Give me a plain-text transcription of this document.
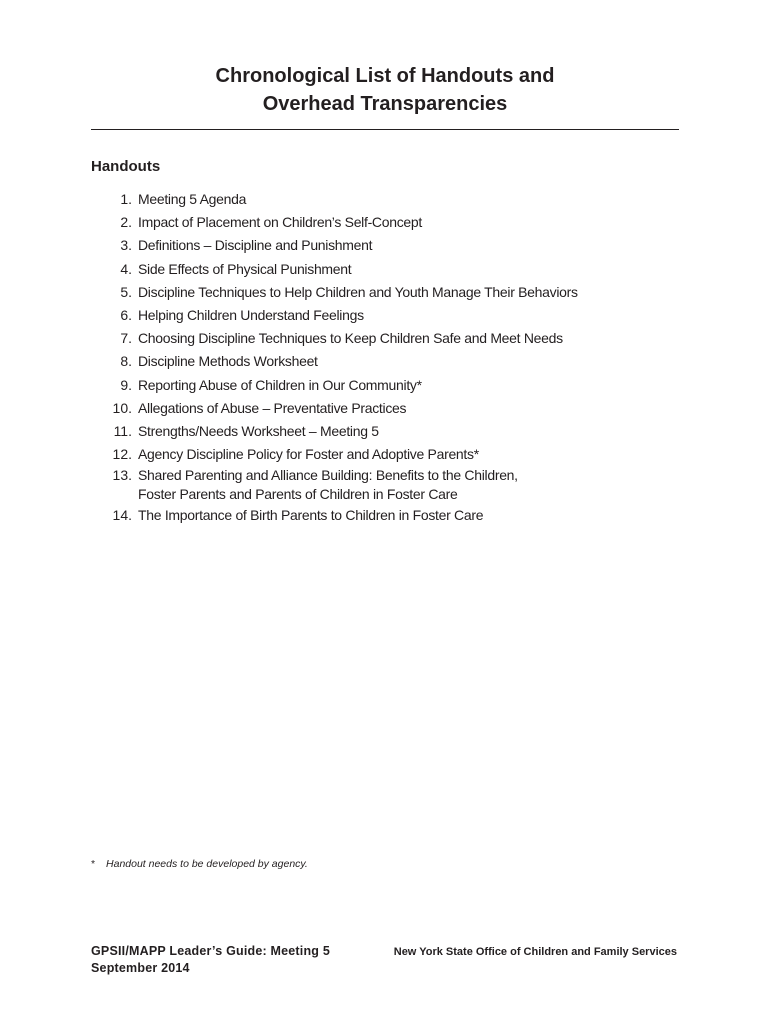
Chronological List of Handouts and
Overhead Transparencies
Handouts
1. Meeting 5 Agenda
2. Impact of Placement on Children’s Self-Concept
3. Definitions – Discipline and Punishment
4. Side Effects of Physical Punishment
5. Discipline Techniques to Help Children and Youth Manage Their Behaviors
6. Helping Children Understand Feelings
7. Choosing Discipline Techniques to Keep Children Safe and Meet Needs
8. Discipline Methods Worksheet
9. Reporting Abuse of Children in Our Community*
10. Allegations of Abuse – Preventative Practices
11. Strengths/Needs Worksheet – Meeting 5
12. Agency Discipline Policy for Foster and Adoptive Parents*
13. Shared Parenting and Alliance Building: Benefits to the Children,
Foster Parents and Parents of Children in Foster Care
14. The Importance of Birth Parents to Children in Foster Care
* Handout needs to be developed by agency.
GPSII/MAPP Leader’s Guide: Meeting 5
September 2014
New York State Office of Children and Family Services
